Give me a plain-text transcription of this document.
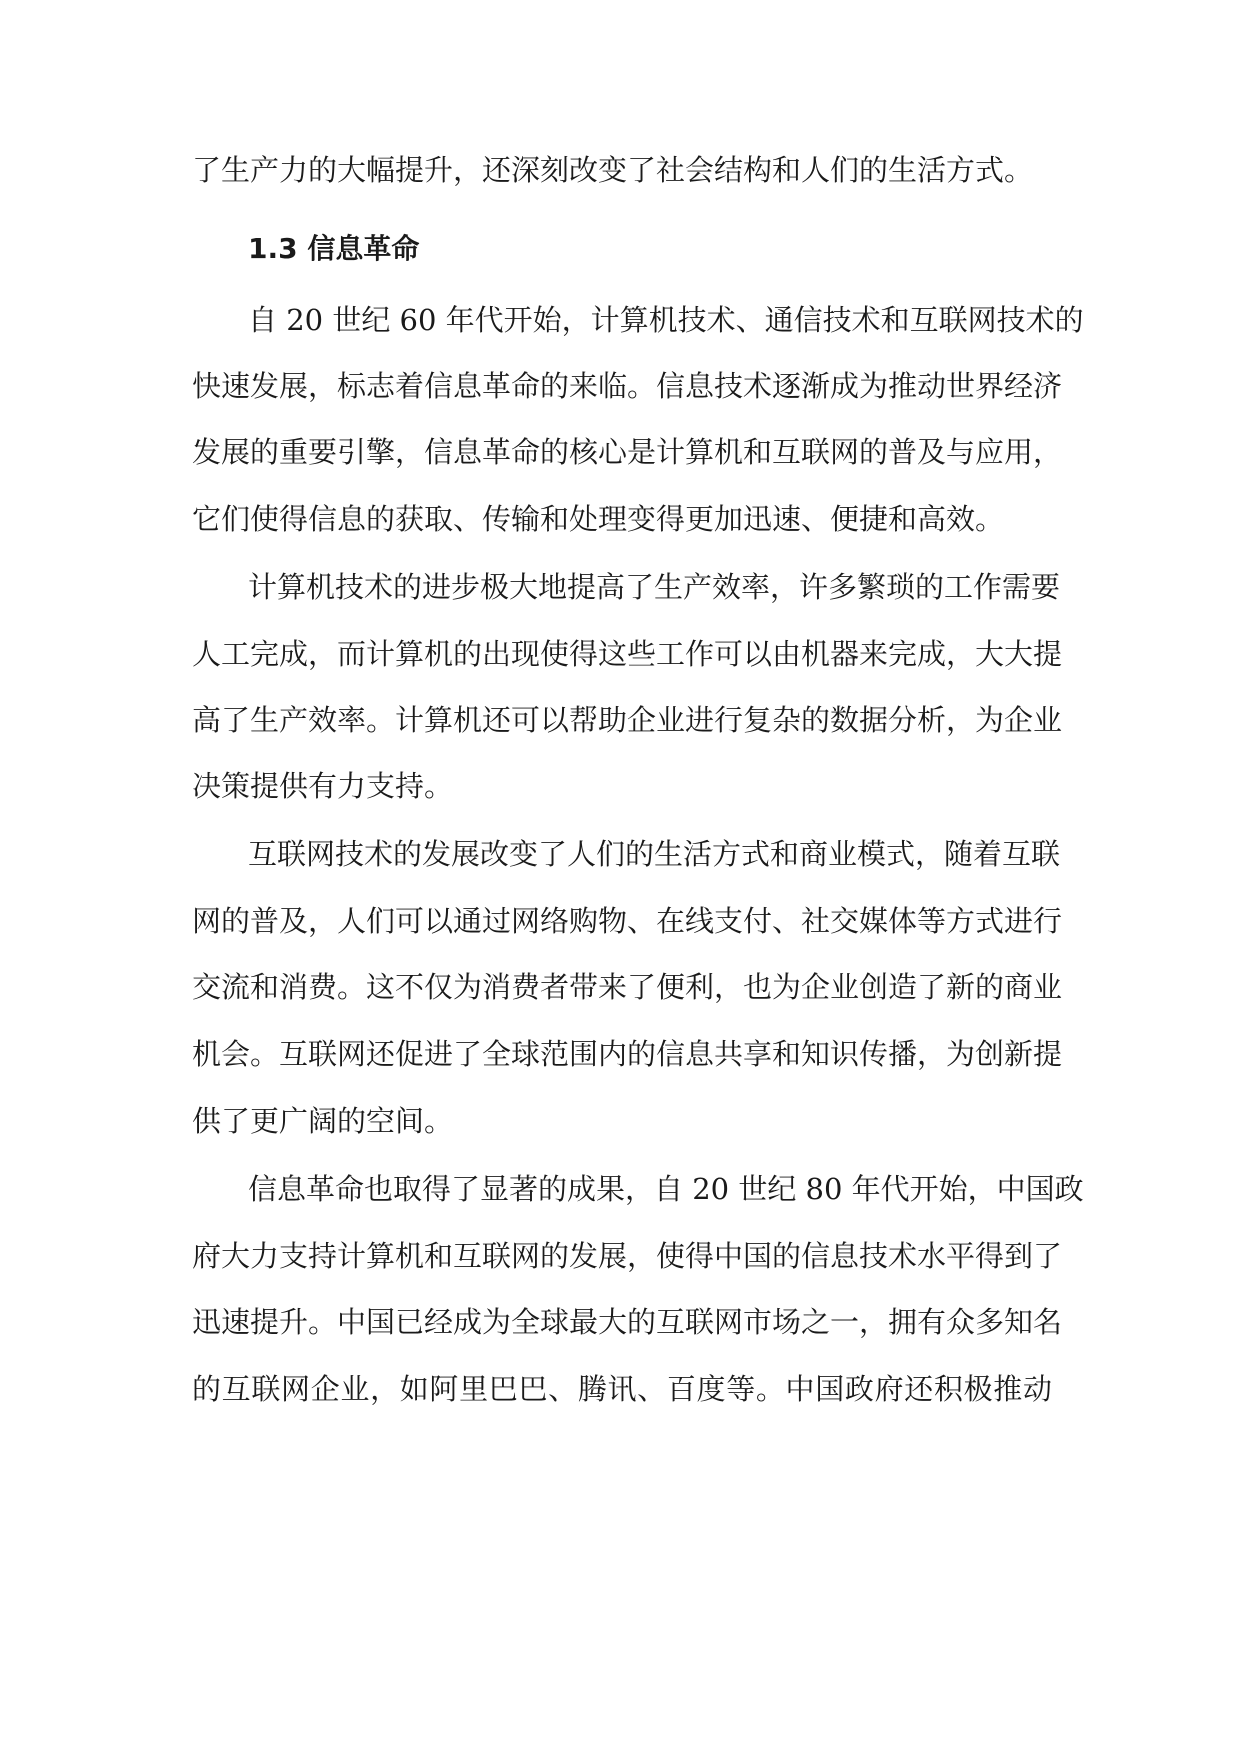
了生产力的大幅提升，还深刻改变了社会结构和人们的生活方式。
1.3 信息革命
自 20 世纪 60 年代开始，计算机技术、通信技术和互联网技术的
快速发展，标志着信息革命的来临。信息技术逐渐成为推动世界经济
发展的重要引擎，信息革命的核心是计算机和互联网的普及与应用，
它们使得信息的获取、传输和处理变得更加迅速、便捷和高效。
计算机技术的进步极大地提高了生产效率，许多繁琐的工作需要
人工完成，而计算机的出现使得这些工作可以由机器来完成，大大提
高了生产效率。计算机还可以帮助企业进行复杂的数据分析，为企业
决策提供有力支持。
互联网技术的发展改变了人们的生活方式和商业模式，随着互联
网的普及，人们可以通过网络购物、在线支付、社交媒体等方式进行
交流和消费。这不仅为消费者带来了便利，也为企业创造了新的商业
机会。互联网还促进了全球范围内的信息共享和知识传播，为创新提
供了更广阔的空间。
信息革命也取得了显著的成果，自 20 世纪 80 年代开始，中国政
府大力支持计算机和互联网的发展，使得中国的信息技术水平得到了
迅速提升。中国已经成为全球最大的互联网市场之一，拥有众多知名
的互联网企业，如阿里巴巴、腾讯、百度等。中国政府还积极推动
